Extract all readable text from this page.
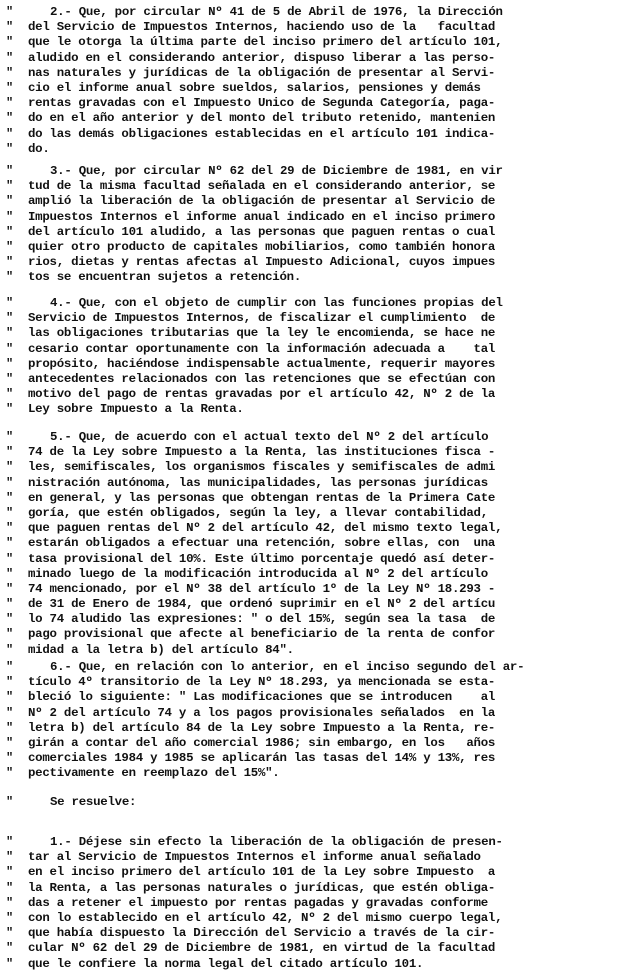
"	2.- Que, por circular Nº 41 de 5 de Abril de 1976, la Dirección
"	del Servicio de Impuestos Internos, haciendo uso de la   facultad
"	que le otorga la última parte del inciso primero del artículo 101,
"	aludido en el considerando anterior, dispuso liberar a las perso-
"	nas naturales y jurídicas de la obligación de presentar al Servi-
"	cio el informe anual sobre sueldos, salarios, pensiones y demás
"	rentas gravadas con el Impuesto Unico de Segunda Categoría, paga-
"	do en el año anterior y del monto del tributo retenido, mantenien
"	do las demás obligaciones establecidas en el artículo 101 indica-
"	do.
"	3.- Que, por circular Nº 62 del 29 de Diciembre de 1981, en vir
"	tud de la misma facultad señalada en el considerando anterior, se
"	amplió la liberación de la obligación de presentar al Servicio de
"	Impuestos Internos el informe anual indicado en el inciso primero
"	del artículo 101 aludido, a las personas que paguen rentas o cual
"	quier otro producto de capitales mobiliarios, como también honora
"	rios, dietas y rentas afectas al Impuesto Adicional, cuyos impues
"	tos se encuentran sujetos a retención.
"	4.- Que, con el objeto de cumplir con las funciones propias del
"	Servicio de Impuestos Internos, de fiscalizar el cumplimiento  de
"	las obligaciones tributarias que la ley le encomienda, se hace ne
"	cesario contar oportunamente con la información adecuada a    tal
"	propósito, haciéndose indispensable actualmente, requerir mayores
"	antecedentes relacionados con las retenciones que se efectúan con
"	motivo del pago de rentas gravadas por el artículo 42, Nº 2 de la
"	Ley sobre Impuesto a la Renta.
"	5.- Que, de acuerdo con el actual texto del Nº 2 del artículo
"	74 de la Ley sobre Impuesto a la Renta, las instituciones fisca -
"	les, semifiscales, los organismos fiscales y semifiscales de admi
"	nistración autónoma, las municipalidades, las personas jurídicas
"	en general, y las personas que obtengan rentas de la Primera Cate
"	goría, que estén obligados, según la ley, a llevar contabilidad,
"	que paguen rentas del Nº 2 del artículo 42, del mismo texto legal,
"	estarán obligados a efectuar una retención, sobre ellas, con  una
"	tasa provisional del 10%. Este último porcentaje quedó así deter-
"	minado luego de la modificación introducida al Nº 2 del artículo
"	74 mencionado, por el Nº 38 del artículo 1º de la Ley Nº 18.293 -
"	de 31 de Enero de 1984, que ordenó suprimir en el Nº 2 del artícu
"	lo 74 aludido las expresiones: " o del 15%, según sea la tasa  de
"	pago provisional que afecte al beneficiario de la renta de confor
"	midad a la letra b) del artículo 84".
"	6.- Que, en relación con lo anterior, en el inciso segundo del ar-
"	tículo 4º transitorio de la Ley Nº 18.293, ya mencionada se esta-
"	bleció lo siguiente: " Las modificaciones que se introducen    al
"	Nº 2 del artículo 74 y a los pagos provisionales señalados  en la
"	letra b) del artículo 84 de la Ley sobre Impuesto a la Renta, re-
"	girán a contar del año comercial 1986; sin embargo, en los   años
"	comerciales 1984 y 1985 se aplicarán las tasas del 14% y 13%, res
"	pectivamente en reemplazo del 15%".
"	Se resuelve:
"	1.- Déjese sin efecto la liberación de la obligación de presen-
"	tar al Servicio de Impuestos Internos el informe anual señalado
"	en el inciso primero del artículo 101 de la Ley sobre Impuesto  a
"	la Renta, a las personas naturales o jurídicas, que estén obliga-
"	das a retener el impuesto por rentas pagadas y gravadas conforme
"	con lo establecido en el artículo 42, Nº 2 del mismo cuerpo legal,
"	que había dispuesto la Dirección del Servicio a través de la cir-
"	cular Nº 62 del 29 de Diciembre de 1981, en virtud de la facultad
"	que le confiere la norma legal del citado artículo 101.
